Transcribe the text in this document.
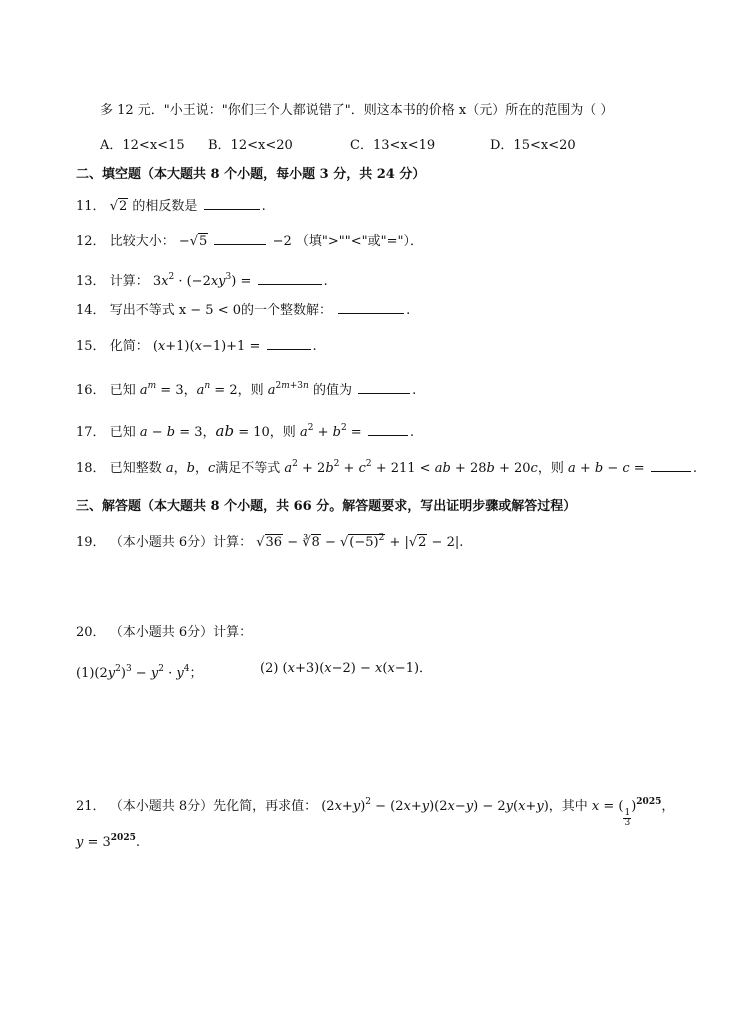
多 12 元．"小王说："你们三个人都说错了"．则这本书的价格 x（元）所在的范围为（ ）
A．12<x<15 B．12<x<20	C．13<x<19	D．15<x<20
二、填空题（本大题共 8 个小题，每小题 3 分，共 24 分）
11． √2 的相反数是	.
12． 比较大小： −√5	−2 （填">""<"或"="）．
13． 计算： $3x^2 \cdot (-2xy^3)$ =	.
14． 写出不等式 x − 5 < 0的一个整数解：	.
15． 化简： (x+1)(x−1)+1 =	.
16． 已知 $a^m = 3$，$a^n = 2$，则 $a^{2m+3n}$ 的值为	.
17． 已知 a − b = 3，ab = 10，则 $a^2 + b^2$ =	.
18． 已知整数 a，b，c满足不等式 $a^2 + 2b^2 + c^2 + 211$ < ab + 28b + 20c，则 a + b − c =	.
三、解答题（本大题共 8 个小题，共 66 分。解答题要求，写出证明步骤或解答过程）
19． （本小题共 6分）计算： √36 − ∛8 − $√(-5)^2 + |√2 - 2|$.
20． （本小题共 6分）计算：
$(1)(2y^2)^3 - y^2 \cdot y^4$；	(2) (x+3)(x−2) − x(x−1)．
21． （本小题共 8分）先化简，再求值： $(2x+y)^2 - (2x+y)(2x-y) - 2y(x+y)$，其中 x = (
$\frac{1}{3}$
)$^{2025}$，
$y = 3^{2025}$.
